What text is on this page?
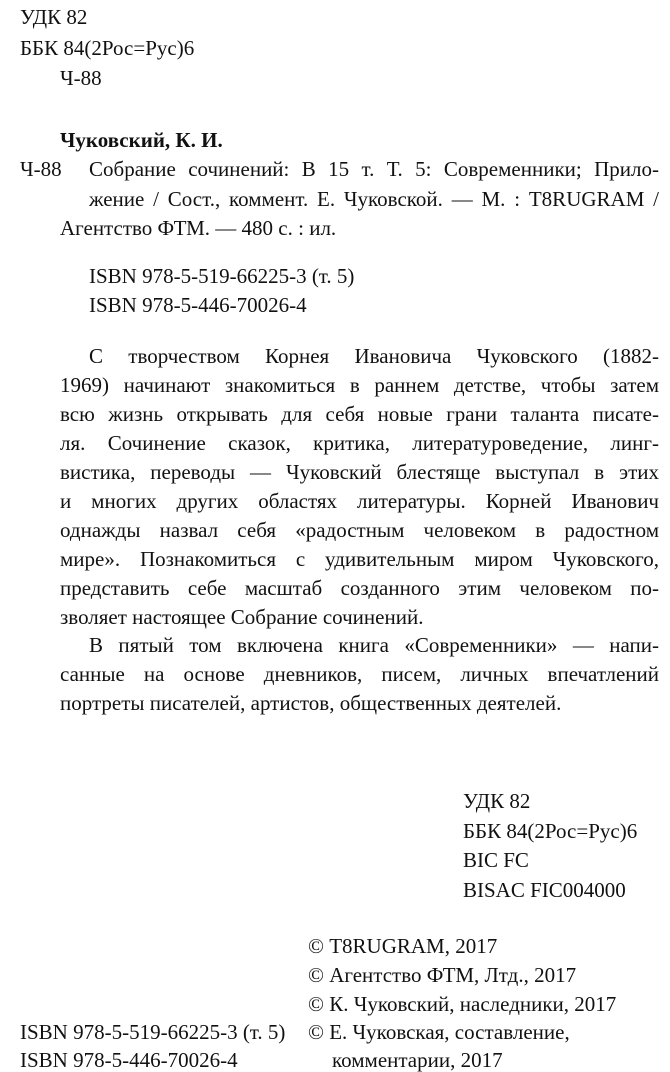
УДК 82
ББК 84(2Рос=Рус)6
Ч-88
Чуковский, К. И.
Ч-88 Собрание сочинений: В 15 т. Т. 5: Современники; Прило-
жение / Сост., коммент. Е. Чуковской. — М. : Т8RUGRAM /
Агентство ФТМ. — 480 с. : ил.
ISBN 978-5-519-66225-3 (т. 5)
ISBN 978-5-446-70026-4
С творчеством Корнея Ивановича Чуковского (1882-
1969) начинают знакомиться в раннем детстве, чтобы затем
всю жизнь открывать для себя новые грани таланта писате-
ля. Сочинение сказок, критика, литературоведение, линг-
вистика, переводы — Чуковский блестяще выступал в этих
и многих других областях литературы. Корней Иванович
однажды назвал себя «радостным человеком в радостном
мире». Познакомиться с удивительным миром Чуковского,
представить себе масштаб созданного этим человеком по-
зволяет настоящее Собрание сочинений.
В пятый том включена книга «Современники» — напи-
санные на основе дневников, писем, личных впечатлений
портреты писателей, артистов, общественных деятелей.
УДК 82
ББК 84(2Рос=Рус)6
BIC FC
BISAC FIC004000
© Т8RUGRAM, 2017
© Агентство ФТМ, Лтд., 2017
© К. Чуковский, наследники, 2017
© Е. Чуковская, составление,
комментарии, 2017
ISBN 978-5-519-66225-3 (т. 5)
ISBN 978-5-446-70026-4
